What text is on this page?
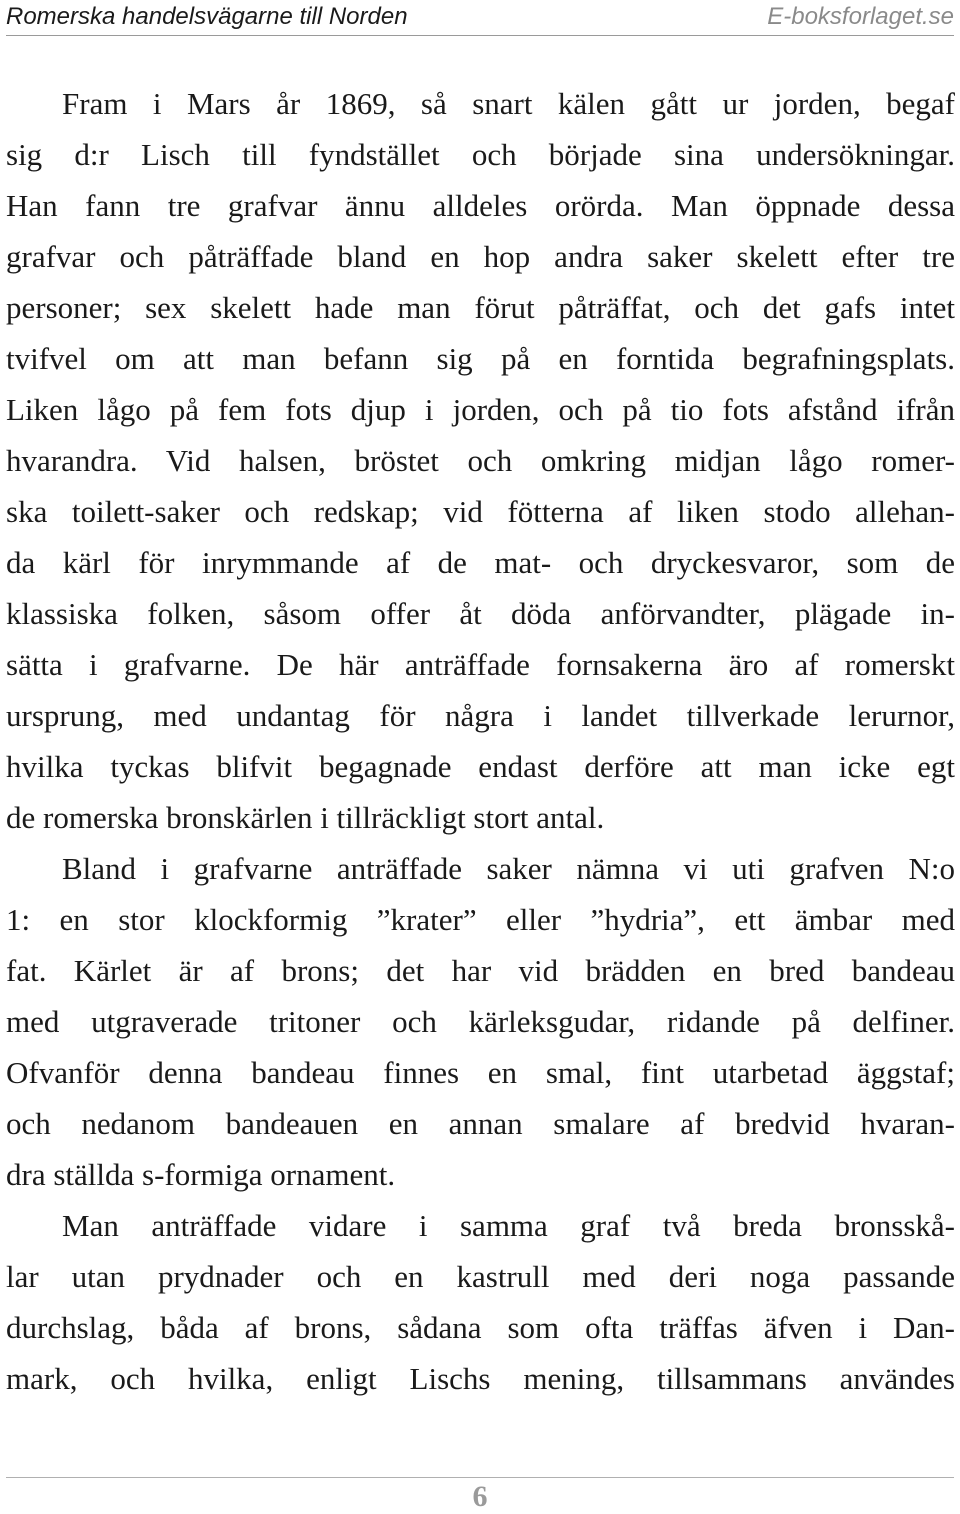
Romerska handelsvägarne till Norden	E-boksforlaget.se
Fram i Mars år 1869, så snart kälen gått ur jorden, begaf
sig d:r Lisch till fyndstället och började sina undersökningar.
Han fann tre grafvar ännu alldeles orörda. Man öppnade dessa
grafvar och påträffade bland en hop andra saker skelett efter tre
personer; sex skelett hade man förut påträffat, och det gafs intet
tvifvel om att man befann sig på en forntida begrafningsplats.
Liken lågo på fem fots djup i jorden, och på tio fots afstånd ifrån
hvarandra. Vid halsen, bröstet och omkring midjan lågo romer-
ska toilett-saker och redskap; vid fötterna af liken stodo allehan-
da kärl för inrymmande af de mat- och dryckesvaror, som de
klassiska folken, såsom offer åt döda anförvandter, plägade in-
sätta i grafvarne. De här anträffade fornsakerna äro af romerskt
ursprung, med undantag för några i landet tillverkade lerurnor,
hvilka tyckas blifvit begagnade endast derföre att man icke egt
de romerska bronskärlen i tillräckligt stort antal.
Bland i grafvarne anträffade saker nämna vi uti grafven N:o
1: en stor klockformig ”krater” eller ”hydria”, ett ämbar med
fat. Kärlet är af brons; det har vid brädden en bred bandeau
med utgraverade tritoner och kärleksgudar, ridande på delfiner.
Ofvanför denna bandeau finnes en smal, fint utarbetad äggstaf;
och nedanom bandeauen en annan smalare af bredvid hvaran-
dra ställda s-formiga ornament.
Man anträffade vidare i samma graf två breda bronsskå-
lar utan prydnader och en kastrull med deri noga passande
durchslag, båda af brons, sådana som ofta träffas äfven i Dan-
mark, och hvilka, enligt Lischs mening, tillsammans användes
6
